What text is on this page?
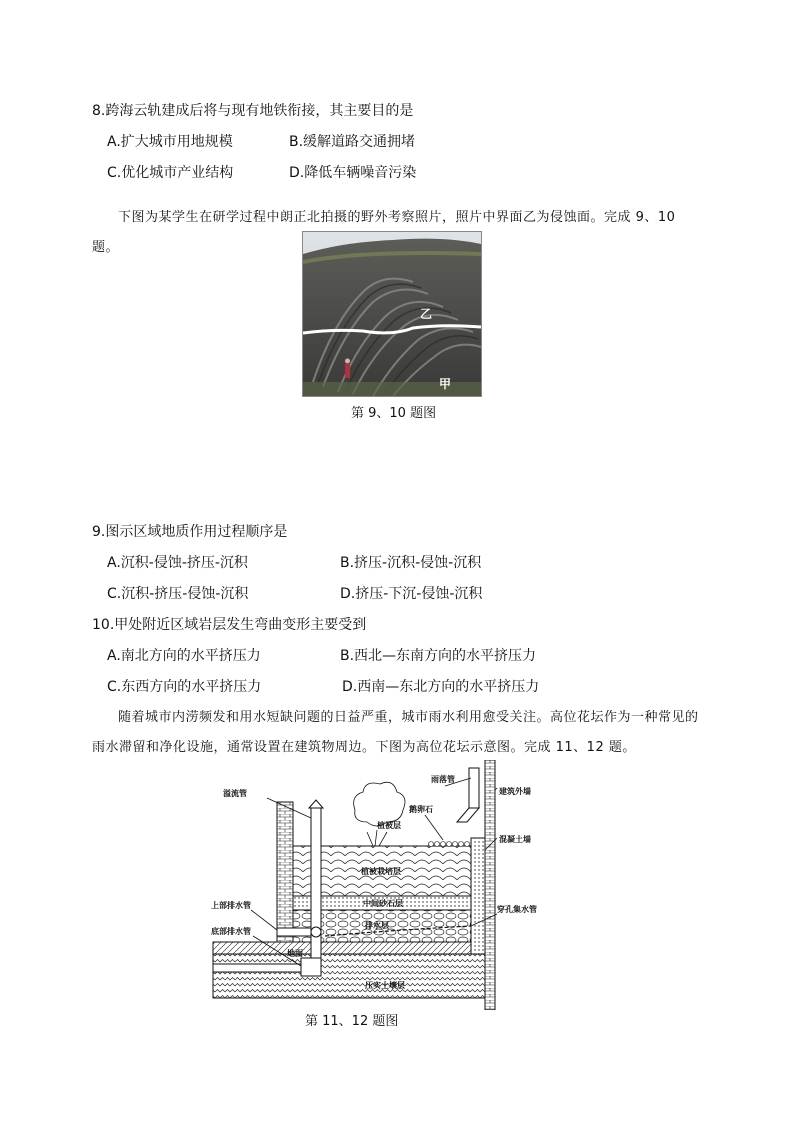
8.跨海云轨建成后将与现有地铁衔接，其主要目的是
A.扩大城市用地规模	B.缓解道路交通拥堵
C.优化城市产业结构	D.降低车辆噪音污染
下图为某学生在研学过程中朗正北拍摄的野外考察照片，照片中界面乙为侵蚀面。完成 9、10 题。
乙
甲
第 9、10 题图
9.图示区域地质作用过程顺序是
A.沉积-侵蚀-挤压-沉积	B.挤压-沉积-侵蚀-沉积
C.沉积-挤压-侵蚀-沉积	D.挤压-下沉-侵蚀-沉积
10.甲处附近区域岩层发生弯曲变形主要受到
A.南北方向的水平挤压力	B.西北—东南方向的水平挤压力
C.东西方向的水平挤压力	D.西南—东北方向的水平挤压力
随着城市内涝频发和用水短缺问题的日益严重，城市雨水利用愈受关注。高位花坛作为一种常见的雨水滞留和净化设施，通常设置在建筑物周边。下图为高位花坛示意图。完成 11、12 题。
溢流管
雨落管
鹅卵石
植被层
建筑外墙
混凝土墙
植被栽培层
中间砂石层
上部排水管	穿孔集水管
排水层
底部排水管
地面
压实土壤层
第 11、12 题图
